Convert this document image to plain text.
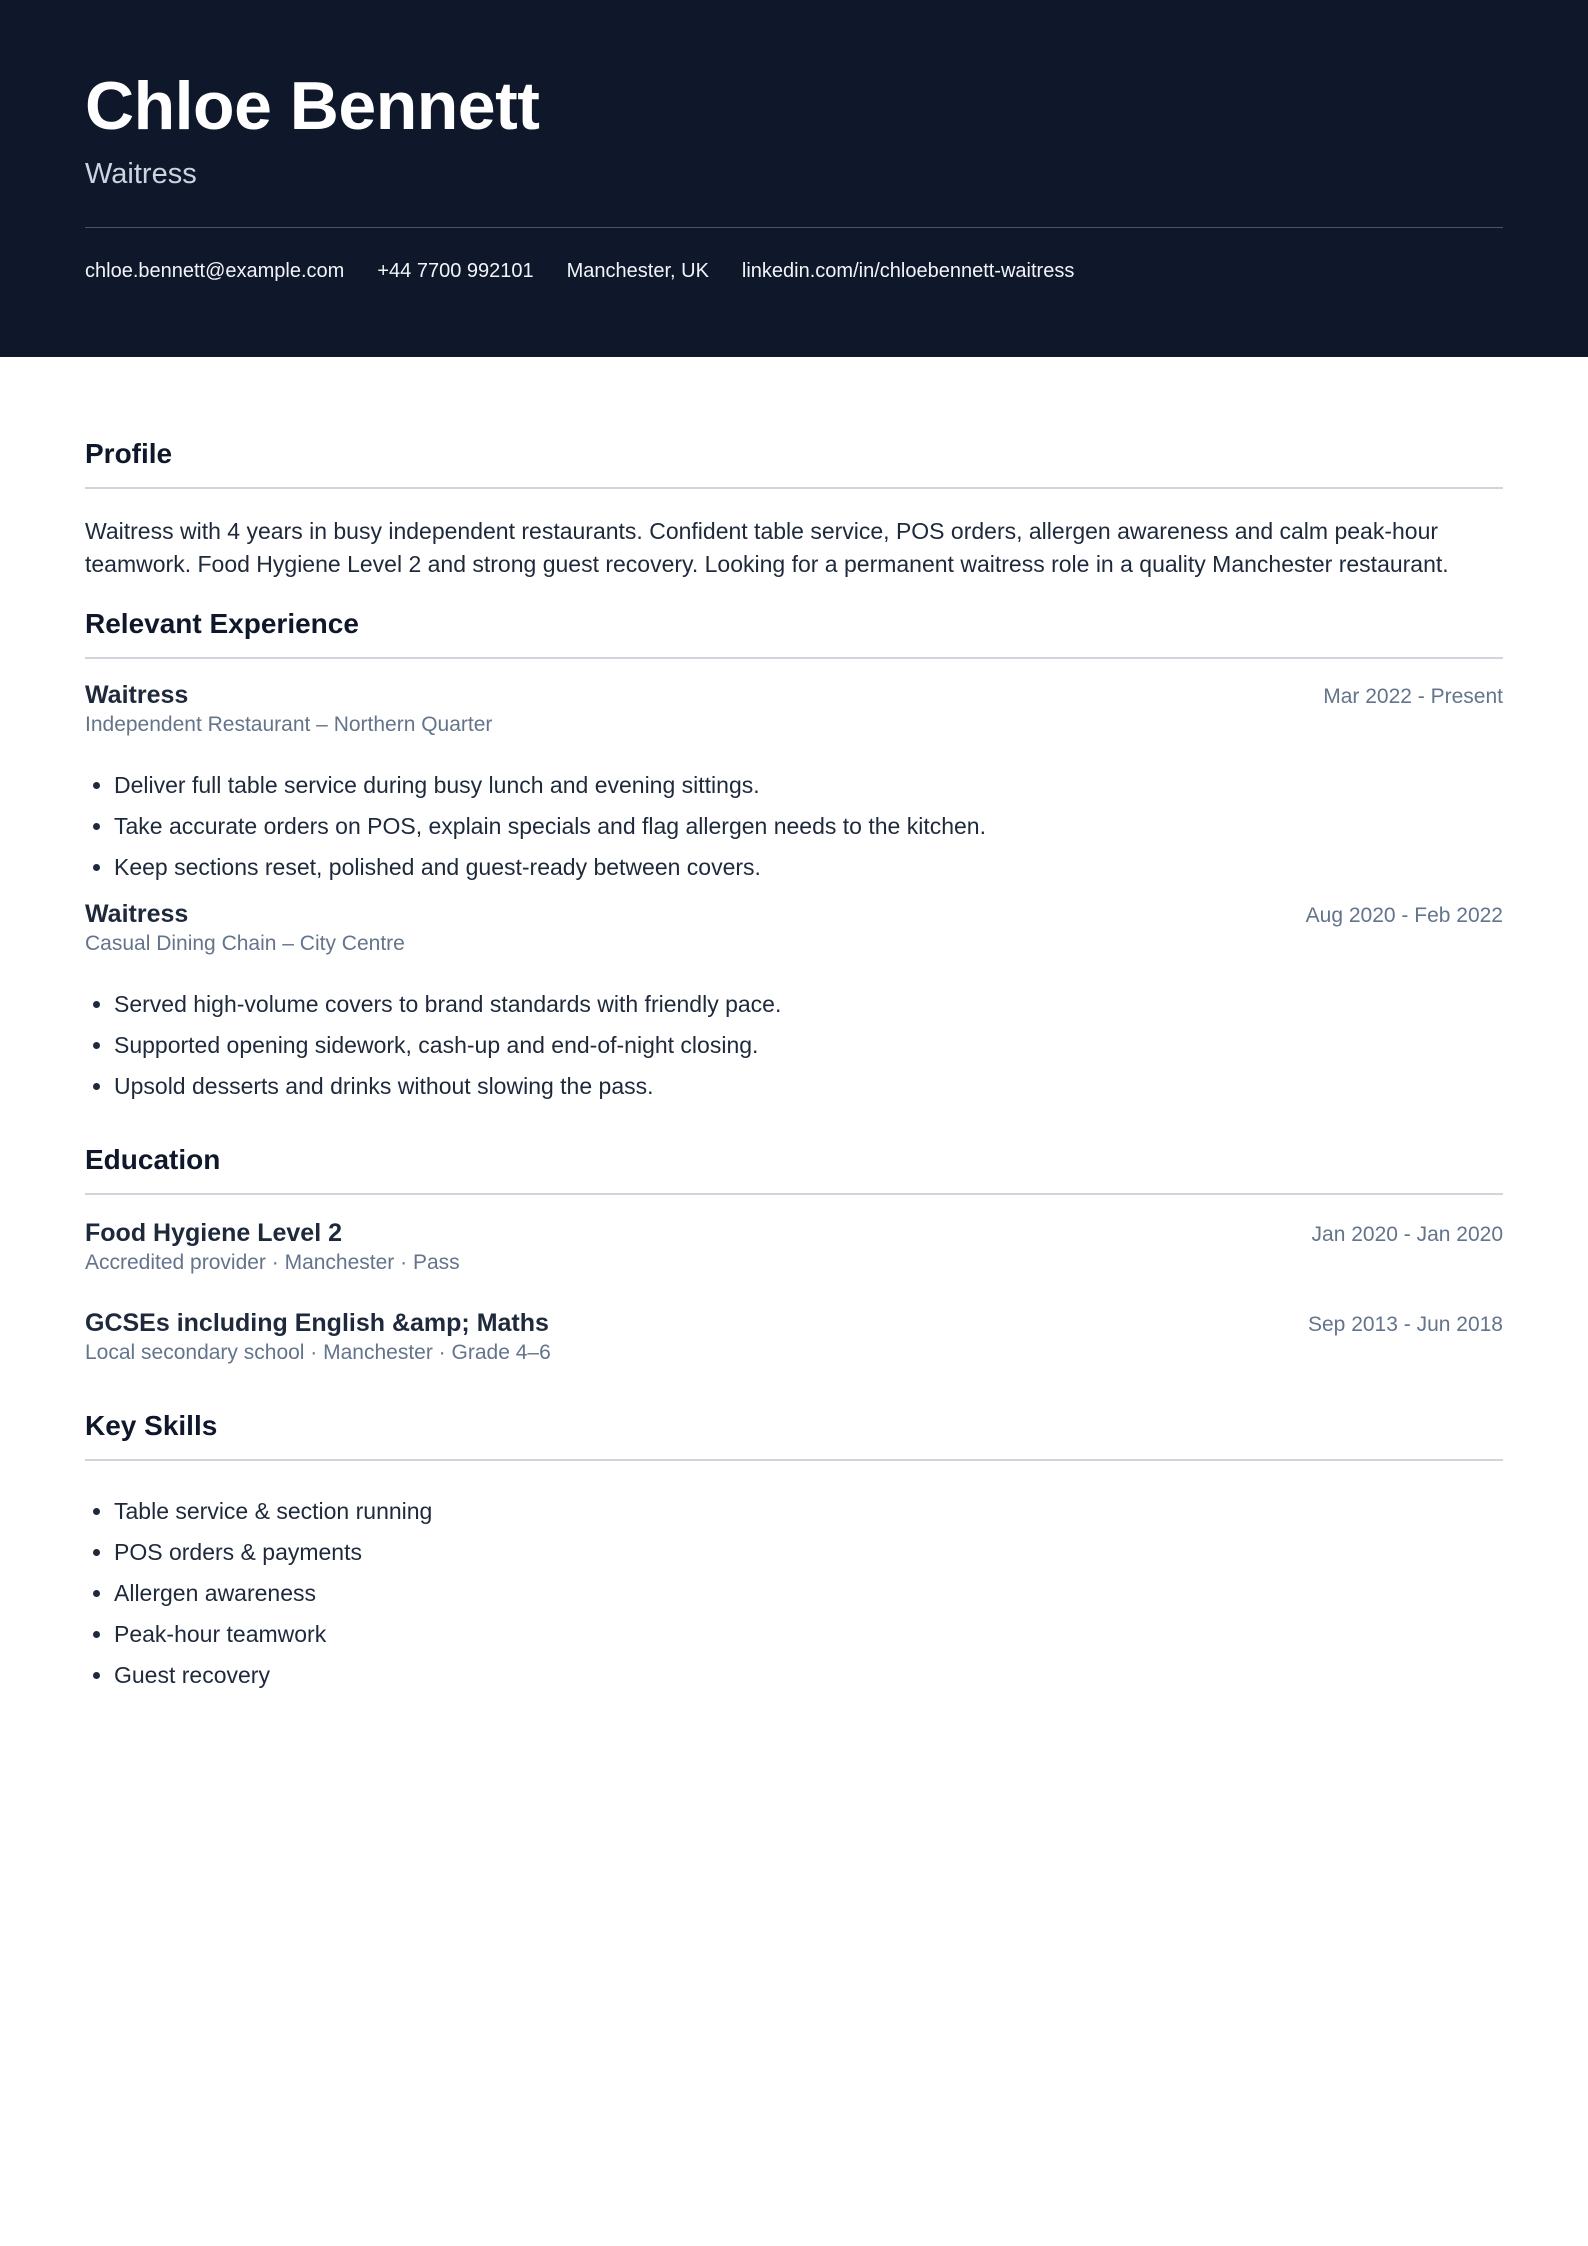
Chloe Bennett
Waitress
chloe.bennett@example.com +44 7700 992101 Manchester, UK linkedin.com/in/chloebennett-waitress
Profile

Waitress with 4 years in busy independent restaurants. Confident table service, POS orders, allergen awareness and calm peak-hour teamwork. Food Hygiene Level 2 and strong guest recovery. Looking for a permanent waitress role in a quality Manchester restaurant.

Relevant Experience
Waitress	Mar 2022 - Present
Independent Restaurant – Northern Quarter
• Deliver full table service during busy lunch and evening sittings.
• Take accurate orders on POS, explain specials and flag allergen needs to the kitchen.
• Keep sections reset, polished and guest-ready between covers.
Waitress	Aug 2020 - Feb 2022
Casual Dining Chain – City Centre
• Served high-volume covers to brand standards with friendly pace.
• Supported opening sidework, cash-up and end-of-night closing.
• Upsold desserts and drinks without slowing the pass.
Education
Food Hygiene Level 2	Jan 2020 - Jan 2020
Accredited provider · Manchester · Pass
GCSEs including English &amp; Maths	Sep 2013 - Jun 2018
Local secondary school · Manchester · Grade 4–6
Key Skills
• Table service & section running
• POS orders & payments
• Allergen awareness
• Peak-hour teamwork
• Guest recovery
